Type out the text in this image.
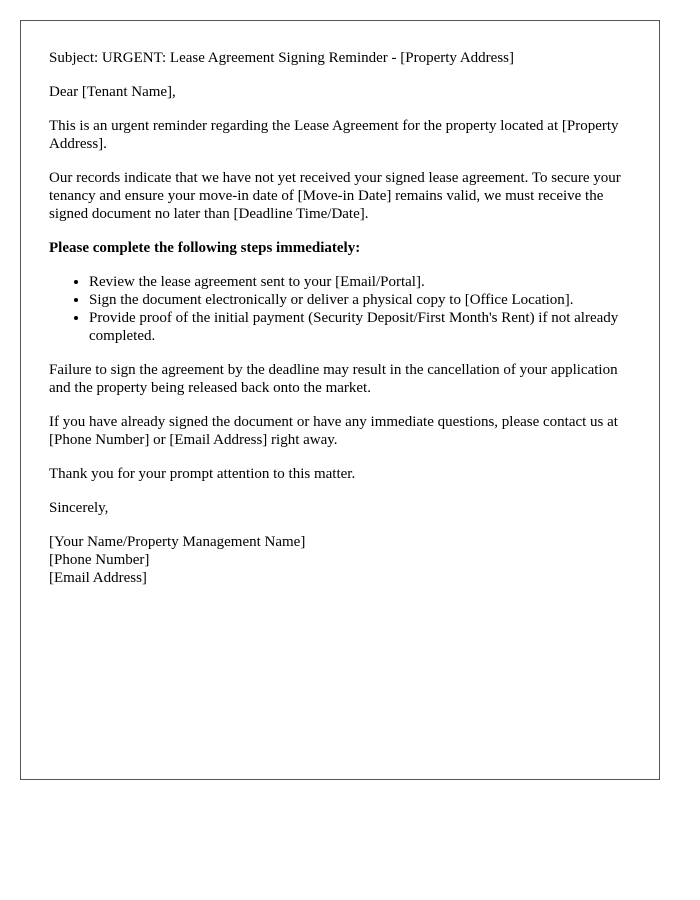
Subject: URGENT: Lease Agreement Signing Reminder - [Property Address]

Dear [Tenant Name],

This is an urgent reminder regarding the Lease Agreement for the property located at [Property Address].

Our records indicate that we have not yet received your signed lease agreement. To secure your tenancy and ensure your move-in date of [Move-in Date] remains valid, we must receive the signed document no later than [Deadline Time/Date].

Please complete the following steps immediately:

• Review the lease agreement sent to your [Email/Portal].
• Sign the document electronically or deliver a physical copy to [Office Location].
• Provide proof of the initial payment (Security Deposit/First Month's Rent) if not already completed.

Failure to sign the agreement by the deadline may result in the cancellation of your application and the property being released back onto the market.

If you have already signed the document or have any immediate questions, please contact us at [Phone Number] or [Email Address] right away.

Thank you for your prompt attention to this matter.

Sincerely,

[Your Name/Property Management Name]
[Phone Number]
[Email Address]
